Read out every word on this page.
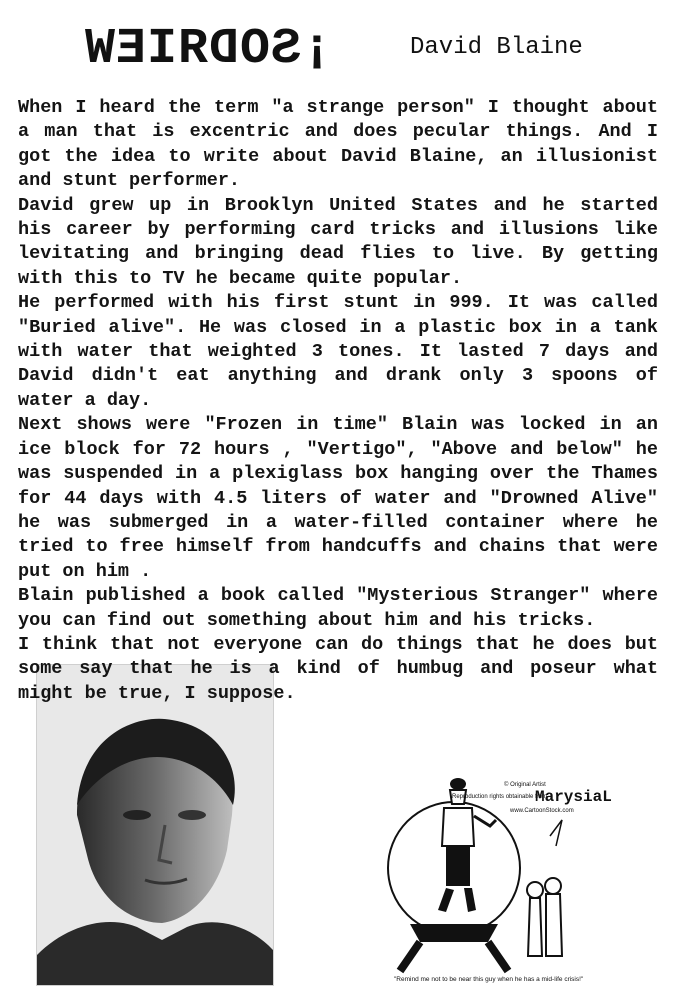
¡SODЯIEW	David Blaine
© Original Artist
Reproduction rights obtainable from
www.CartoonStock.com
"Remind me not to be near this guy when he has a mid-life crisis!"

When I heard the term "a strange person" I thought about a man that is excentric and does pecular things. And I got the idea to write about David Blaine, an illusionist and stunt performer.

David grew up in Brooklyn United States and he started his career by performing card tricks and illusions like levitating and bringing dead flies to live. By getting with this to TV he became quite popular.

He performed with his first stunt in 999. It was called "Buried alive". He was closed in a plastic box in a tank with water that weighted 3 tones. It lasted 7 days and David didn't eat anything and drank only 3 spoons of water a day.

Next shows were "Frozen in time" Blain was locked in an ice block for 72 hours , "Vertigo", "Above and below" he was suspended in a plexiglass box hanging over the Thames for 44 days with 4.5 liters of water and "Drowned Alive" he was submerged in a water-filled container where he tried to free himself from handcuffs and chains that were put on him .

Blain published a book called "Mysterious Stranger" where you can find out something about him and his tricks.

I think that not everyone can do things that he does but some say that he is a kind of humbug and poseur what might be true, I suppose.

MarysiaL
